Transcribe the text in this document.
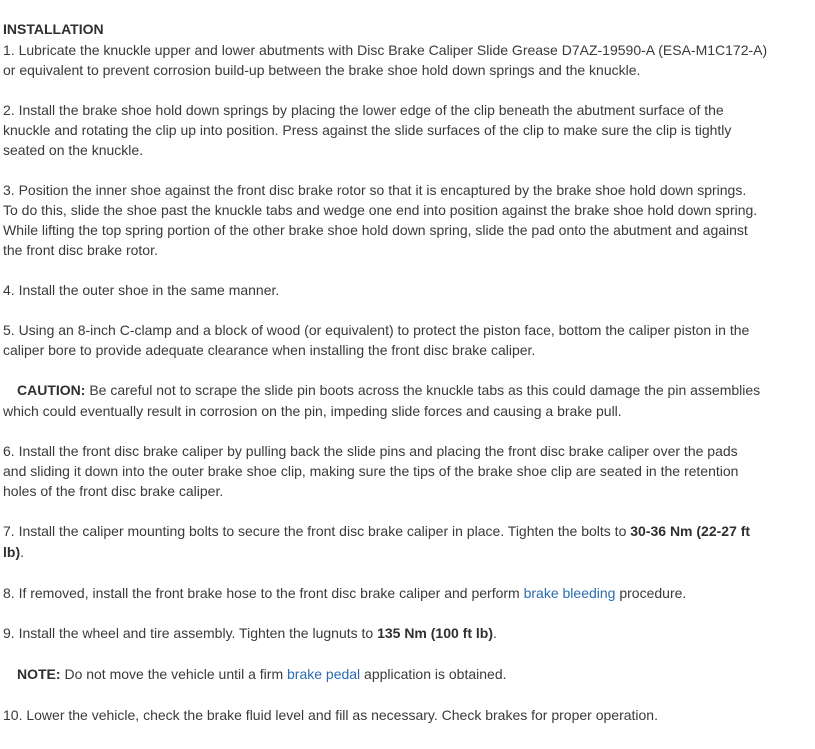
INSTALLATION
1. Lubricate the knuckle upper and lower abutments with Disc Brake Caliper Slide Grease D7AZ-19590-A (ESA-M1C172-A)
or equivalent to prevent corrosion build-up between the brake shoe hold down springs and the knuckle.
2. Install the brake shoe hold down springs by placing the lower edge of the clip beneath the abutment surface of the
knuckle and rotating the clip up into position. Press against the slide surfaces of the clip to make sure the clip is tightly
seated on the knuckle.
3. Position the inner shoe against the front disc brake rotor so that it is encaptured by the brake shoe hold down springs.
To do this, slide the shoe past the knuckle tabs and wedge one end into position against the brake shoe hold down spring.
While lifting the top spring portion of the other brake shoe hold down spring, slide the pad onto the abutment and against
the front disc brake rotor.
4. Install the outer shoe in the same manner.
5. Using an 8-inch C-clamp and a block of wood (or equivalent) to protect the piston face, bottom the caliper piston in the
caliper bore to provide adequate clearance when installing the front disc brake caliper.
CAUTION: Be careful not to scrape the slide pin boots across the knuckle tabs as this could damage the pin assemblies
which could eventually result in corrosion on the pin, impeding slide forces and causing a brake pull.
6. Install the front disc brake caliper by pulling back the slide pins and placing the front disc brake caliper over the pads
and sliding it down into the outer brake shoe clip, making sure the tips of the brake shoe clip are seated in the retention
holes of the front disc brake caliper.
7. Install the caliper mounting bolts to secure the front disc brake caliper in place. Tighten the bolts to 30-36 Nm (22-27 ft
lb).
8. If removed, install the front brake hose to the front disc brake caliper and perform brake bleeding procedure.
9. Install the wheel and tire assembly. Tighten the lugnuts to 135 Nm (100 ft lb).
NOTE: Do not move the vehicle until a firm brake pedal application is obtained.
10. Lower the vehicle, check the brake fluid level and fill as necessary. Check brakes for proper operation.
